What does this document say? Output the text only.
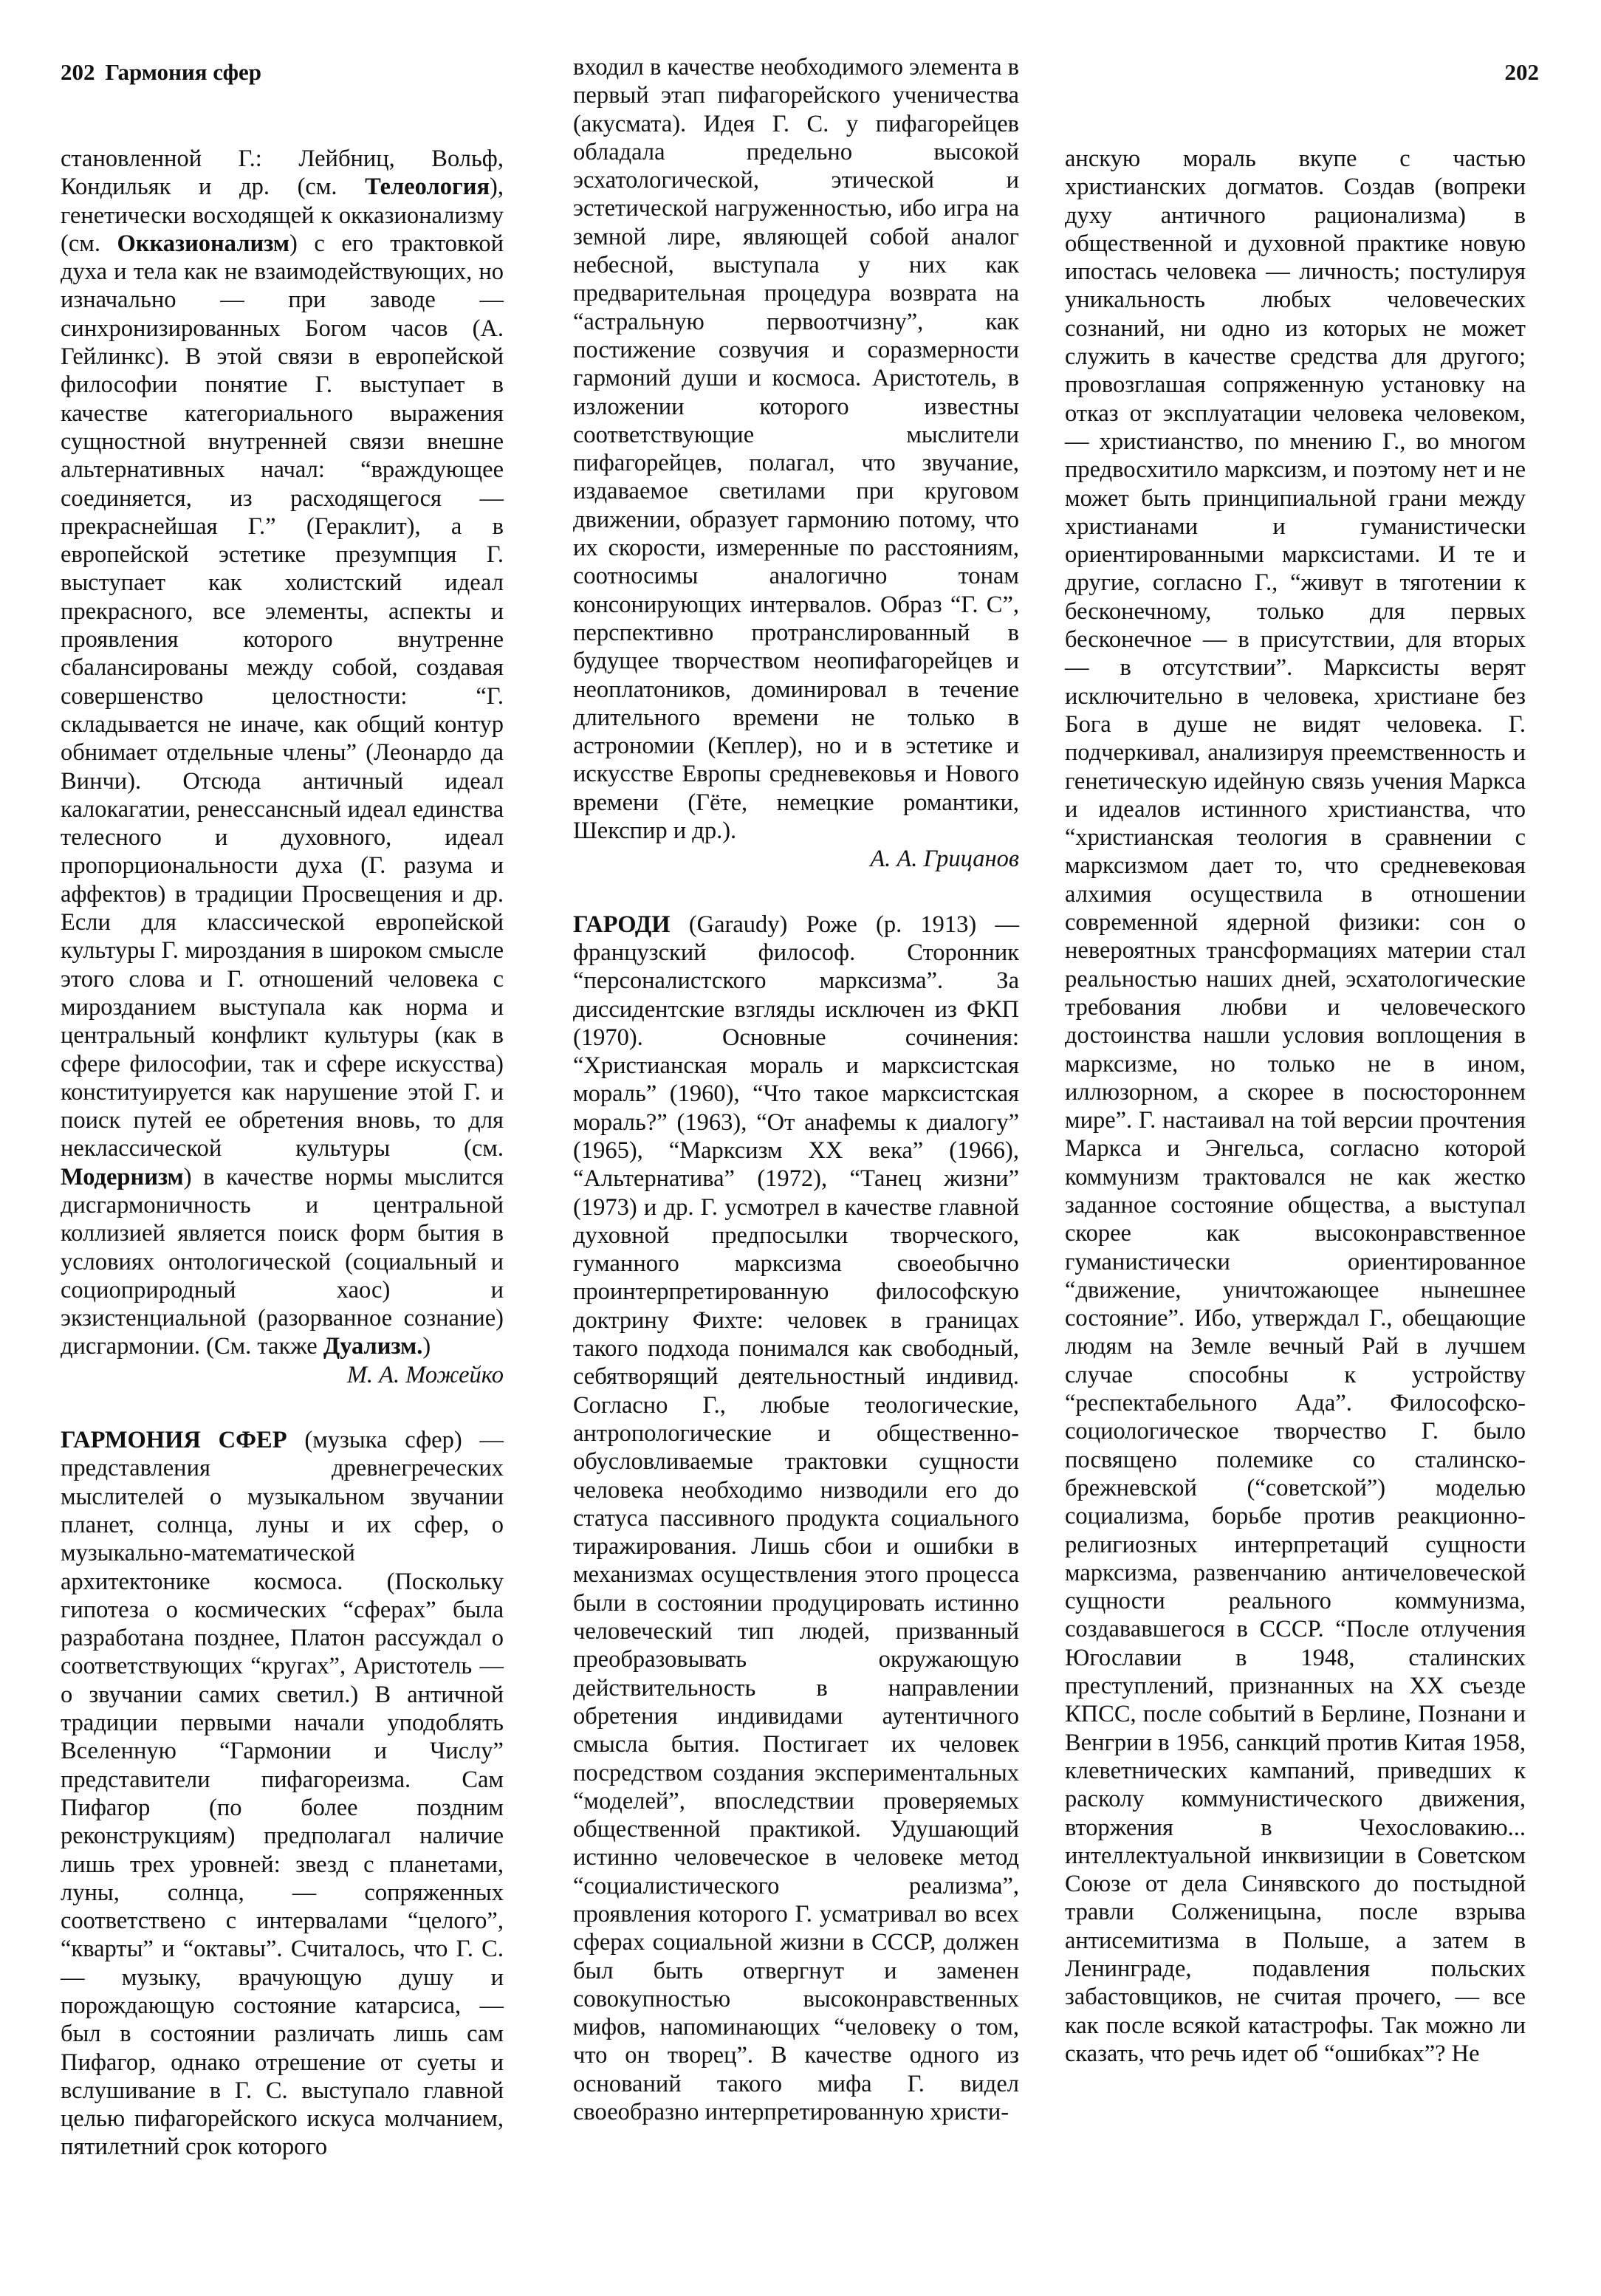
202 Гармония сфер	202

становленной Г.: Лейбниц, Вольф, Кондильяк и др. (см. Телеология), генетически восходящей к окказионализму (см. Окказионализм) с его трактовкой духа и тела как не взаимодействующих, но изначально — при заводе — синхронизированных Богом часов (А. Гейлинкс). В этой связи в европейской философии понятие Г. выступает в качестве категориального выражения сущностной внутренней связи внешне альтернативных начал: “враждующее соединяется, из расходящегося — прекраснейшая Г.” (Гераклит), а в европейской эстетике презумпция Г. выступает как холистский идеал прекрасного, все элементы, аспекты и проявления которого внутренне сбалансированы между собой, создавая совершенство целостности: “Г. складывается не иначе, как общий контур обнимает отдельные члены” (Леонардо да Винчи). Отсюда античный идеал калокагатии, ренессансный идеал единства телесного и духовного, идеал пропорциональности духа (Г. разума и аффектов) в традиции Просвещения и др. Если для классической европейской культуры Г. мироздания в широком смысле этого слова и Г. отношений человека с мирозданием выступала как норма и центральный конфликт культуры (как в сфере философии, так и сфере искусства) конституируется как нарушение этой Г. и поиск путей ее обретения вновь, то для неклассической культуры (см. Модернизм) в качестве нормы мыслится дисгармоничность и центральной коллизией является поиск форм бытия в условиях онтологической (социальный и социоприродный хаос) и экзистенциальной (разорванное сознание) дисгармонии. (См. также Дуализм.)

М. А. Можейко

ГАРМОНИЯ СФЕР (музыка сфер) — представления древнегреческих мыслителей о музыкальном звучании планет, солнца, луны и их сфер, о музыкально-математической архитектонике космоса. (Поскольку гипотеза о космических “сферах” была разработана позднее, Платон рассуждал о соответствующих “кругах”, Аристотель — о звучании самих светил.) В античной традиции первыми начали уподоблять Вселенную “Гармонии и Числу” представители пифагореизма. Сам Пифагор (по более поздним реконструкциям) предполагал наличие лишь трех уровней: звезд с планетами, луны, солнца, — сопряженных соответствено с интервалами “целого”, “кварты” и “октавы”. Считалось, что Г. С. — музыку, врачующую душу и порождающую состояние катарсиса, — был в состоянии различать лишь сам Пифагор, однако отрешение от суеты и вслушивание в Г. С. выступало главной целью пифагорейского искуса молчанием, пятилетний срок которого

входил в качестве необходимого элемента в первый этап пифагорейского ученичества (акусмата). Идея Г. С. у пифагорейцев обладала предельно высокой эсхатологической, этической и эстетической нагруженностью, ибо игра на земной лире, являющей собой аналог небесной, выступала у них как предварительная процедура возврата на “астральную первоотчизну”, как постижение созвучия и соразмерности гармоний души и космоса. Аристотель, в изложении которого известны соответствующие мыслители пифагорейцев, полагал, что звучание, издаваемое светилами при круговом движении, образует гармонию потому, что их скорости, измеренные по расстояниям, соотносимы аналогично тонам консонирующих интервалов. Образ “Г. С”, перспективно протранслированный в будущее творчеством неопифагорейцев и неоплатоников, доминировал в течение длительного времени не только в астрономии (Кеплер), но и в эстетике и искусстве Европы средневековья и Нового времени (Гёте, немецкие романтики, Шекспир и др.).

А. А. Грицанов

ГАРОДИ (Garaudy) Роже (р. 1913) — французский философ. Сторонник “персоналистского марксизма”. За диссидентские взгляды исключен из ФКП (1970). Основные сочинения: “Христианская мораль и марксистская мораль” (1960), “Что такое марксистская мораль?” (1963), “От анафемы к диалогу” (1965), “Марксизм XX века” (1966), “Альтернатива” (1972), “Танец жизни” (1973) и др. Г. усмотрел в качестве главной духовной предпосылки творческого, гуманного марксизма своеобычно проинтерпретированную философскую доктрину Фихте: человек в границах такого подхода понимался как свободный, себятворящий деятельностный индивид. Согласно Г., любые теологические, антропологические и общественно-обусловливаемые трактовки сущности человека необходимо низводили его до статуса пассивного продукта социального тиражирования. Лишь сбои и ошибки в механизмах осуществления этого процесса были в состоянии продуцировать истинно человеческий тип людей, призванный преобразовывать окружающую действительность в направлении обретения индивидами аутентичного смысла бытия. Постигает их человек посредством создания экспериментальных “моделей”, впоследствии проверяемых общественной практикой. Удушающий истинно человеческое в человеке метод “социалистического реализма”, проявления которого Г. усматривал во всех сферах социальной жизни в СССР, должен был быть отвергнут и заменен совокупностью высоконравственных мифов, напоминающих “человеку о том, что он творец”. В качестве одного из оснований такого мифа Г. видел своеобразно интерпретированную христи-

анскую мораль вкупе с частью христианских догматов. Создав (вопреки духу античного рационализма) в общественной и духовной практике новую ипостась человека — личность; постулируя уникальность любых человеческих сознаний, ни одно из которых не может служить в качестве средства для другого; провозглашая сопряженную установку на отказ от эксплуатации человека человеком, — христианство, по мнению Г., во многом предвосхитило марксизм, и поэтому нет и не может быть принципиальной грани между христианами и гуманистически ориентированными марксистами. И те и другие, согласно Г., “живут в тяготении к бесконечному, только для первых бесконечное — в присутствии, для вторых — в отсутствии”. Марксисты верят исключительно в человека, христиане без Бога в душе не видят человека. Г. подчеркивал, анализируя преемственность и генетическую идейную связь учения Маркса и идеалов истинного христианства, что “христианская теология в сравнении с марксизмом дает то, что средневековая алхимия осуществила в отношении современной ядерной физики: сон о невероятных трансформациях материи стал реальностью наших дней, эсхатологические требования любви и человеческого достоинства нашли условия воплощения в марксизме, но только не в ином, иллюзорном, а скорее в посюстороннем мире”. Г. настаивал на той версии прочтения Маркса и Энгельса, согласно которой коммунизм трактовался не как жестко заданное состояние общества, а выступал скорее как высоконравственное гуманистически ориентированное “движение, уничтожающее нынешнее состояние”. Ибо, утверждал Г., обещающие людям на Земле вечный Рай в лучшем случае способны к устройству “респектабельного Ада”. Философско-социологическое творчество Г. было посвящено полемике со сталинско-брежневской (“советской”) моделью социализма, борьбе против реакционно-религиозных интерпретаций сущности марксизма, развенчанию античеловеческой сущности реального коммунизма, создававшегося в СССР. “После отлучения Югославии в 1948, сталинских преступлений, признанных на XX съезде КПСС, после событий в Берлине, Познани и Венгрии в 1956, санкций против Китая 1958, клеветнических кампаний, приведших к расколу коммунистического движения, вторжения в Чехословакию... интеллектуальной инквизиции в Советском Союзе от дела Синявского до постыдной травли Солженицына, после взрыва антисемитизма в Польше, а затем в Ленинграде, подавления польских забастовщиков, не считая прочего, — все как после всякой катастрофы. Так можно ли сказать, что речь идет об “ошибках”? Не
